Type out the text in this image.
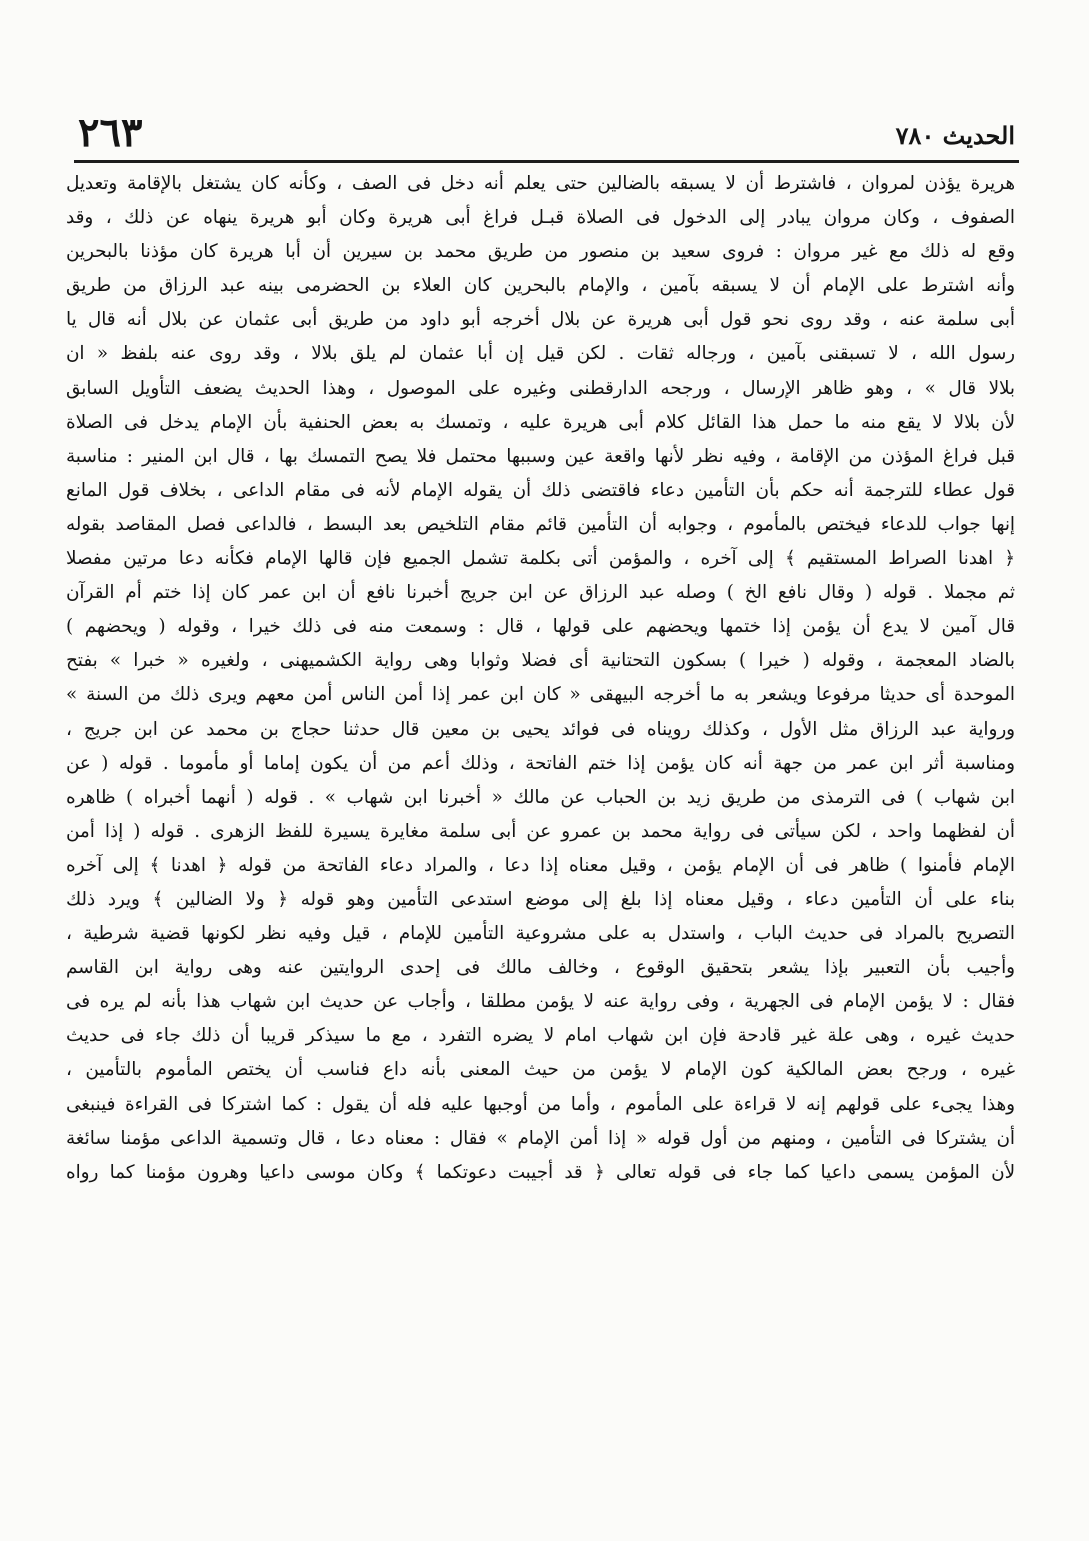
الحديث ٧٨٠
٢٦٣
هريرة يؤذن لمروان ، فاشترط أن لا يسبقه بالضالين حتى يعلم أنه دخل فى الصف ، وكأنه كان يشتغل بالإقامة وتعديل
الصفوف ، وكان مروان يبادر إلى الدخول فى الصلاة قبـل فراغ أبى هريرة وكان أبو هريرة ينهاه عن ذلك ، وقد
وقع له ذلك مع غير مروان : فروى سعيد بن منصور من طريق محمد بن سيرين أن أبا هريرة كان مؤذنا بالبحرين
وأنه اشترط على الإمام أن لا يسبقه بآمين ، والإمام بالبحرين كان العلاء بن الحضرمى بينه عبد الرزاق من طريق
أبى سلمة عنه ، وقد روى نحو قول أبى هريرة عن بلال أخرجه أبو داود من طريق أبى عثمان عن بلال أنه قال يا
رسول الله ، لا تسبقنى بآمين ، ورجاله ثقات . لكن قيل إن أبا عثمان لم يلق بلالا ، وقد روى عنه بلفظ « ان
بلالا قال » ، وهو ظاهر الإرسال ، ورجحه الدارقطنى وغيره على الموصول ، وهذا الحديث يضعف التأويل السابق
لأن بلالا لا يقع منه ما حمل هذا القائل كلام أبى هريرة عليه ، وتمسك به بعض الحنفية بأن الإمام يدخل فى الصلاة
قبل فراغ المؤذن من الإقامة ، وفيه نظر لأنها واقعة عين وسببها محتمل فلا يصح التمسك بها ، قال ابن المنير : مناسبة
قول عطاء للترجمة أنه حكم بأن التأمين دعاء فاقتضى ذلك أن يقوله الإمام لأنه فى مقام الداعى ، بخلاف قول المانع
إنها جواب للدعاء فيختص بالمأموم ، وجوابه أن التأمين قائم مقام التلخيص بعد البسط ، فالداعى فصل المقاصد بقوله
﴿ اهدنا الصراط المستقيم ﴾ إلى آخره ، والمؤمن أتى بكلمة تشمل الجميع فإن قالها الإمام فكأنه دعا مرتين مفصلا
ثم مجملا . قوله ( وقال نافع الخ ) وصله عبد الرزاق عن ابن جريج أخبرنا نافع أن ابن عمر كان إذا ختم أم القرآن
قال آمين لا يدع أن يؤمن إذا ختمها ويحضهم على قولها ، قال : وسمعت منه فى ذلك خيرا ، وقوله ( ويحضهم )
بالضاد المعجمة ، وقوله ( خيرا ) بسكون التحتانية أى فضلا وثوابا وهى رواية الكشميهنى ، ولغيره « خبرا » بفتح
الموحدة أى حديثا مرفوعا ويشعر به ما أخرجه البيهقى « كان ابن عمر إذا أمن الناس أمن معهم ويرى ذلك من السنة »
ورواية عبد الرزاق مثل الأول ، وكذلك رويناه فى فوائد يحيى بن معين قال حدثنا حجاج بن محمد عن ابن جريج ،
ومناسبة أثر ابن عمر من جهة أنه كان يؤمن إذا ختم الفاتحة ، وذلك أعم من أن يكون إماما أو مأموما . قوله ( عن
ابن شهاب ) فى الترمذى من طريق زيد بن الحباب عن مالك « أخبرنا ابن شهاب » . قوله ( أنهما أخبراه ) ظاهره
أن لفظهما واحد ، لكن سيأتى فى رواية محمد بن عمرو عن أبى سلمة مغايرة يسيرة للفظ الزهرى . قوله ( إذا أمن
الإمام فأمنوا ) ظاهر فى أن الإمام يؤمن ، وقيل معناه إذا دعا ، والمراد دعاء الفاتحة من قوله ﴿ اهدنا ﴾ إلى آخره
بناء على أن التأمين دعاء ، وقيل معناه إذا بلغ إلى موضع استدعى التأمين وهو قوله ﴿ ولا الضالين ﴾ ويرد ذلك
التصريح بالمراد فى حديث الباب ، واستدل به على مشروعية التأمين للإمام ، قيل وفيه نظر لكونها قضية شرطية ،
وأجيب بأن التعبير بإذا يشعر بتحقيق الوقوع ، وخالف مالك فى إحدى الروايتين عنه وهى رواية ابن القاسم
فقال : لا يؤمن الإمام فى الجهرية ، وفى رواية عنه لا يؤمن مطلقا ، وأجاب عن حديث ابن شهاب هذا بأنه لم يره فى
حديث غيره ، وهى علة غير قادحة فإن ابن شهاب امام لا يضره التفرد ، مع ما سيذكر قريبا أن ذلك جاء فى حديث
غيره ، ورجح بعض المالكية كون الإمام لا يؤمن من حيث المعنى بأنه داع فناسب أن يختص المأموم بالتأمين ،
وهذا يجىء على قولهم إنه لا قراءة على المأموم ، وأما من أوجبها عليه فله أن يقول : كما اشتركا فى القراءة فينبغى
أن يشتركا فى التأمين ، ومنهم من أول قوله « إذا أمن الإمام » فقال : معناه دعا ، قال وتسمية الداعى مؤمنا سائغة
لأن المؤمن يسمى داعيا كما جاء فى قوله تعالى ﴿ قد أجيبت دعوتكما ﴾ وكان موسى داعيا وهرون مؤمنا كما رواه
